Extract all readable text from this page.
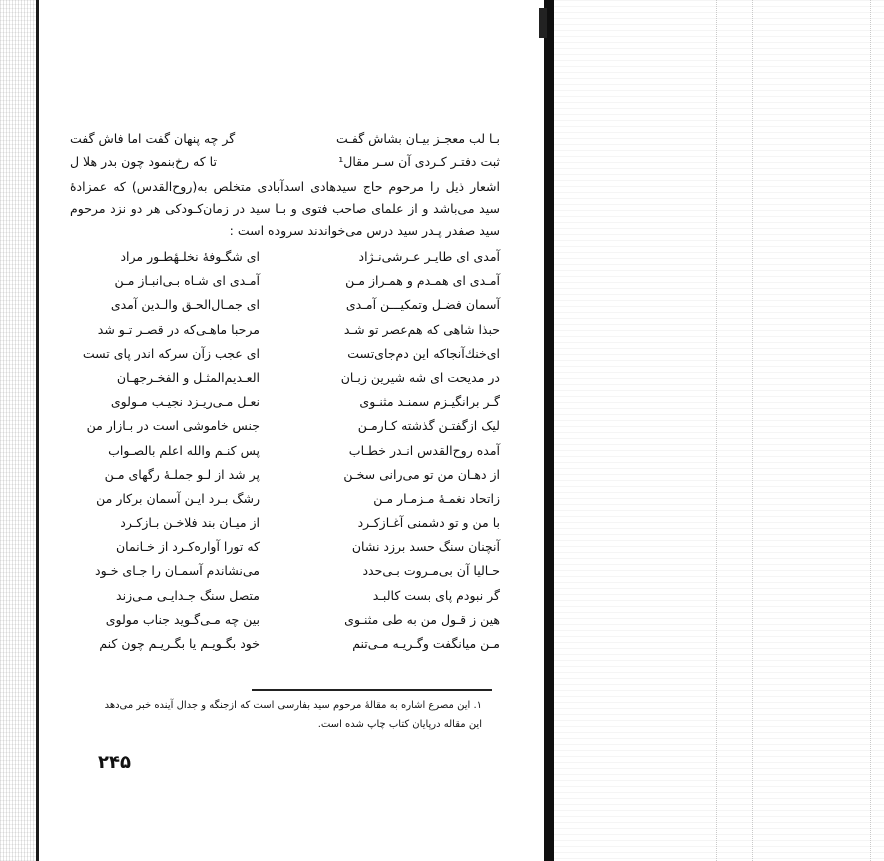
بـا لب معجـز بيـان بشاش گفـت
گر چه پنهان گفت اما فاش گفت
ثبت دفتـر كـردی آن سـر مقال¹
تا كه رخ‌بنمود چون بدر هلا ل
اشعار ذيل را مرحوم حاج سيدهادى اسدآبادى متخلص به(روح‌القدس) كه عمزادهٔ سيد مى‌باشد و از علماى صاحب فتوى و بـا سيد در زمان‌كـودكى هر دو نزد مرحوم سيد صفدر پـدر سيد درس مى‌خواندند سروده است :
آمدی ای طایـر عـرشی‌نـژاد
ای شگـوفهٔ نخلـهٔطـور مراد
آمـدی ای همـدم و همـراز مـن
آمـدی ای شـاه بـی‌انبـاز مـن
آسمان فضـل وتمكيـــن آمـدی
ای جمـال‌الحـق والـدین آمدی
حبذا شاهی كه هم‌عصر تو شـد
مرحبا ماهـی‌كه در قصـر تـو شد
ای‌خنك‌آنجاكه این دم‌جای‌تست
ای عجب زآن سركه اندر پای تست
در مديحت ای شه شيرين زبـان
العـديم‌المثـل و الفخـرجهـان
گـر برانگيـزم سمنـد مثنـوی
نعـل مـی‌ریـزد نجيـب مـولوی
ليک ازگفتـن گذشته كـارمـن
جنس خاموشی است در بـازار من
آمده روح‌القدس انـدر خطـاب
پس كنـم والله اعلم بالصـواب
از دهـان من تو می‌رانی سخـن
پر شد از لـو جملـهٔ رگهای مـن
زاتحاد نغمـهٔ مـزمـار مـن
رشگ بـرد ایـن آسمان بركار من
با من و تو دشمنی آغـازكـرد
از میـان بند فلاخـن بـازكـرد
آنچنان سنگ حسد برزد نشان
كه تورا آواره‌كـرد از خـانمان
حـالیا آن بی‌مـروت بـی‌حدد
می‌نشاندم آسمـان را جـای خـود
گر نبودم پای بست كالبـد
متصل سنگ جـدایـی مـی‌زند
هین ز قـول من به طی مثنـوی
بین چه مـی‌گـوید جناب مولوی
مـن میانگفت وگـريـه مـی‌تنم
خود بگـويـم يا بگـريـم چون كنم
۱. این مصرع اشاره به مقالهٔ مرحوم سید بفارسی است كه ازجنگه و جدال آینده خبر می‌دهد این مقاله درپایان كتاب چاپ شده است.
۲۴۵
